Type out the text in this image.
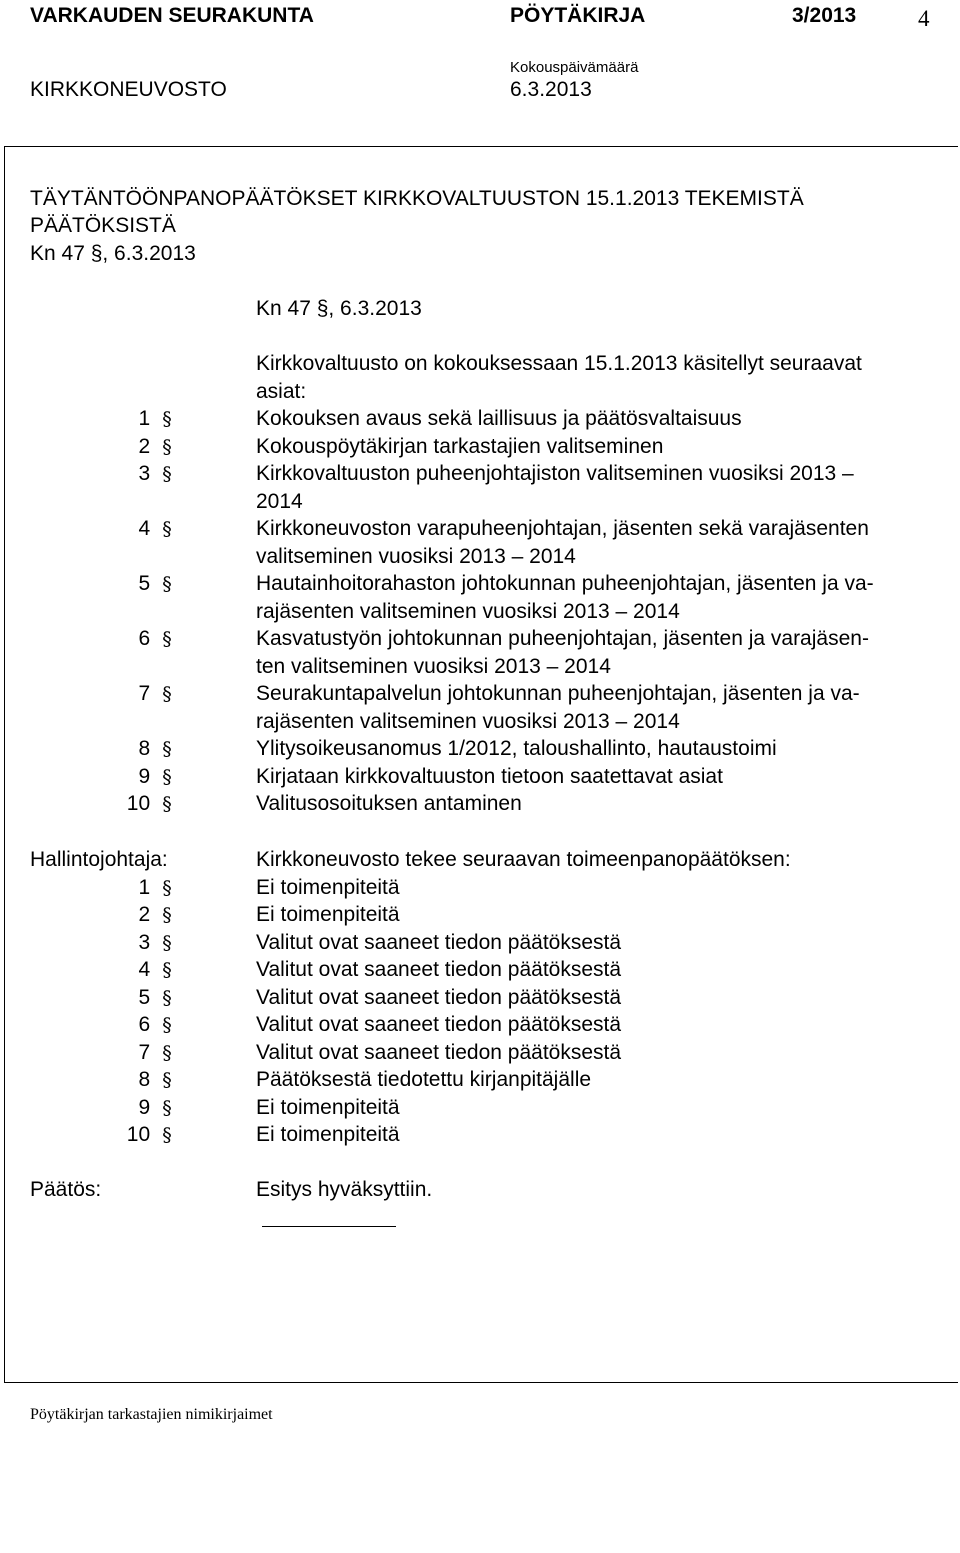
VARKAUDEN SEURAKUNTA	PÖYTÄKIRJA	3/2013	4
Kokouspäivämäärä
KIRKKONEUVOSTO	6.3.2013
TÄYTÄNTÖÖNPANOPÄÄTÖKSET KIRKKOVALTUUSTON 15.1.2013 TEKEMISTÄ
PÄÄTÖKSISTÄ
Kn 47 §, 6.3.2013
Kn 47 §, 6.3.2013
Kirkkovaltuusto on kokouksessaan 15.1.2013 käsitellyt seuraavat
asiat:
1 §	Kokouksen avaus sekä laillisuus ja päätösvaltaisuus
2 §	Kokouspöytäkirjan tarkastajien valitseminen
3 §	Kirkkovaltuuston puheenjohtajiston valitseminen vuosiksi 2013 –
2014
4 §	Kirkkoneuvoston varapuheenjohtajan, jäsenten sekä varajäsenten
valitseminen vuosiksi 2013 – 2014
5 §	Hautainhoitorahaston johtokunnan puheenjohtajan, jäsenten ja va-
rajäsenten valitseminen vuosiksi 2013 – 2014
6 §	Kasvatustyön johtokunnan puheenjohtajan, jäsenten ja varajäsen-
ten valitseminen vuosiksi 2013 – 2014
7 §	Seurakuntapalvelun johtokunnan puheenjohtajan, jäsenten ja va-
rajäsenten valitseminen vuosiksi 2013 – 2014
8 §	Ylitysoikeusanomus 1/2012, taloushallinto, hautaustoimi
9 §	Kirjataan kirkkovaltuuston tietoon saatettavat asiat
10 §	Valitusosoituksen antaminen
Hallintojohtaja:	Kirkkoneuvosto tekee seuraavan toimeenpanopäätöksen:
1 §	Ei toimenpiteitä
2 §	Ei toimenpiteitä
3 §	Valitut ovat saaneet tiedon päätöksestä
4 §	Valitut ovat saaneet tiedon päätöksestä
5 §	Valitut ovat saaneet tiedon päätöksestä
6 §	Valitut ovat saaneet tiedon päätöksestä
7 §	Valitut ovat saaneet tiedon päätöksestä
8 §	Päätöksestä tiedotettu kirjanpitäjälle
9 §	Ei toimenpiteitä
10 §	Ei toimenpiteitä
Päätös:	Esitys hyväksyttiin.
Pöytäkirjan tarkastajien nimikirjaimet
